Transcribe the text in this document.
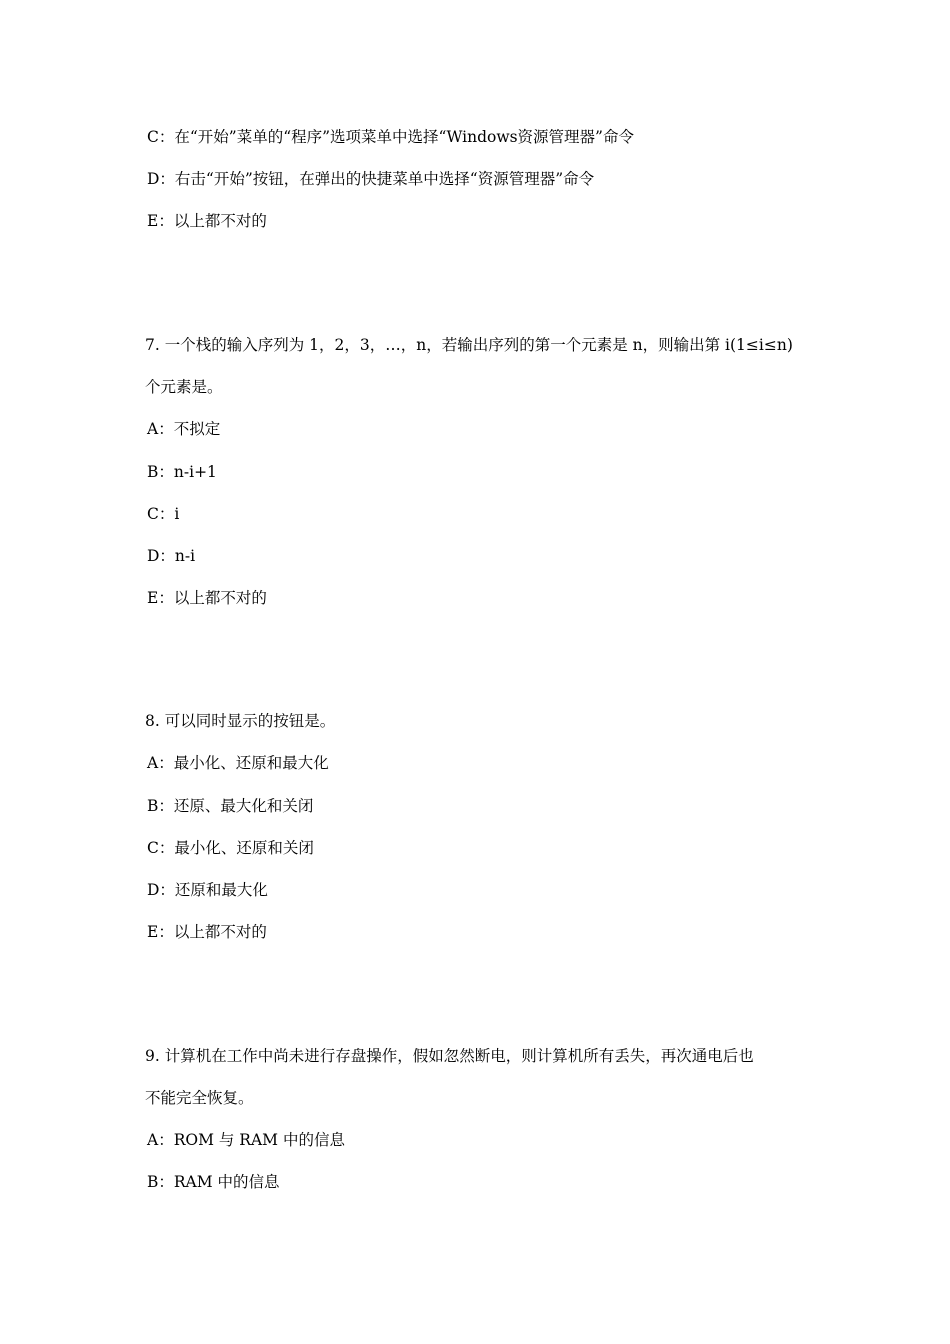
C：在“开始”菜单的“程序”选项菜单中选择“Windows资源管理器”命令
D：右击“开始”按钮，在弹出的快捷菜单中选择“资源管理器”命令
E：以上都不对的
7. 一个栈的输入序列为 1，2，3，…，n，若输出序列的第一个元素是 n，则输出第 i(1≤i≤n)
个元素是。
A：不拟定
B：n-i+1
C：i
D：n-i
E：以上都不对的
8. 可以同时显示的按钮是。
A：最小化、还原和最大化
B：还原、最大化和关闭
C：最小化、还原和关闭
D：还原和最大化
E：以上都不对的
9. 计算机在工作中尚未进行存盘操作，假如忽然断电，则计算机所有丢失，再次通电后也
不能完全恢复。
A：ROM 与 RAM 中的信息
B：RAM 中的信息
